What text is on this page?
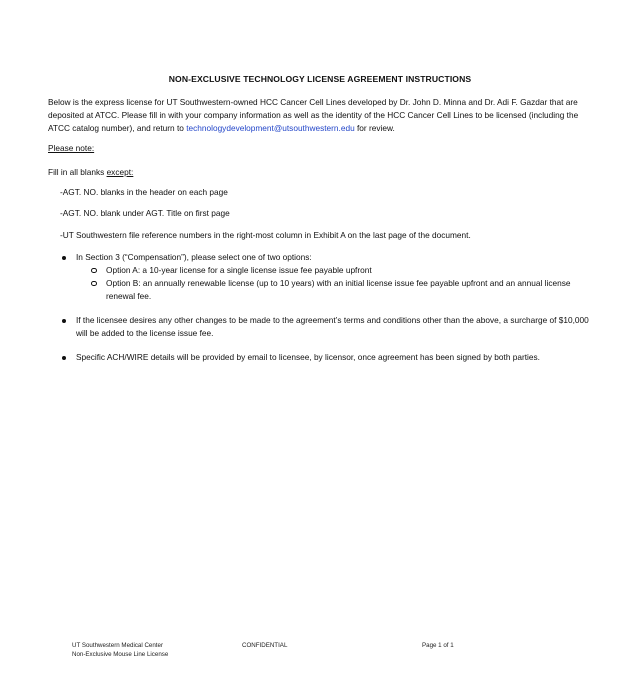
NON-EXCLUSIVE TECHNOLOGY LICENSE AGREEMENT INSTRUCTIONS
Below is the express license for UT Southwestern-owned HCC Cancer Cell Lines developed by Dr. John D. Minna and Dr. Adi F. Gazdar that are deposited at ATCC. Please fill in with your company information as well as the identity of the HCC Cancer Cell Lines to be licensed (including the ATCC catalog number), and return to technologydevelopment@utsouthwestern.edu for review.
Please note:
Fill in all blanks except:
-AGT. NO. blanks in the header on each page
-AGT. NO. blank under AGT. Title on first page
-UT Southwestern file reference numbers in the right-most column in Exhibit A on the last page of the document.
In Section 3 (“Compensation”), please select one of two options:
Option A: a 10-year license for a single license issue fee payable upfront
Option B: an annually renewable license (up to 10 years) with an initial license issue fee payable upfront and an annual license renewal fee.
If the licensee desires any other changes to be made to the agreement’s terms and conditions other than the above, a surcharge of $10,000 will be added to the license issue fee.
Specific ACH/WIRE details will be provided by email to licensee, by licensor, once agreement has been signed by both parties.
UT Southwestern Medical Center
Non-Exclusive Mouse Line License
CONFIDENTIAL	Page 1 of 1
